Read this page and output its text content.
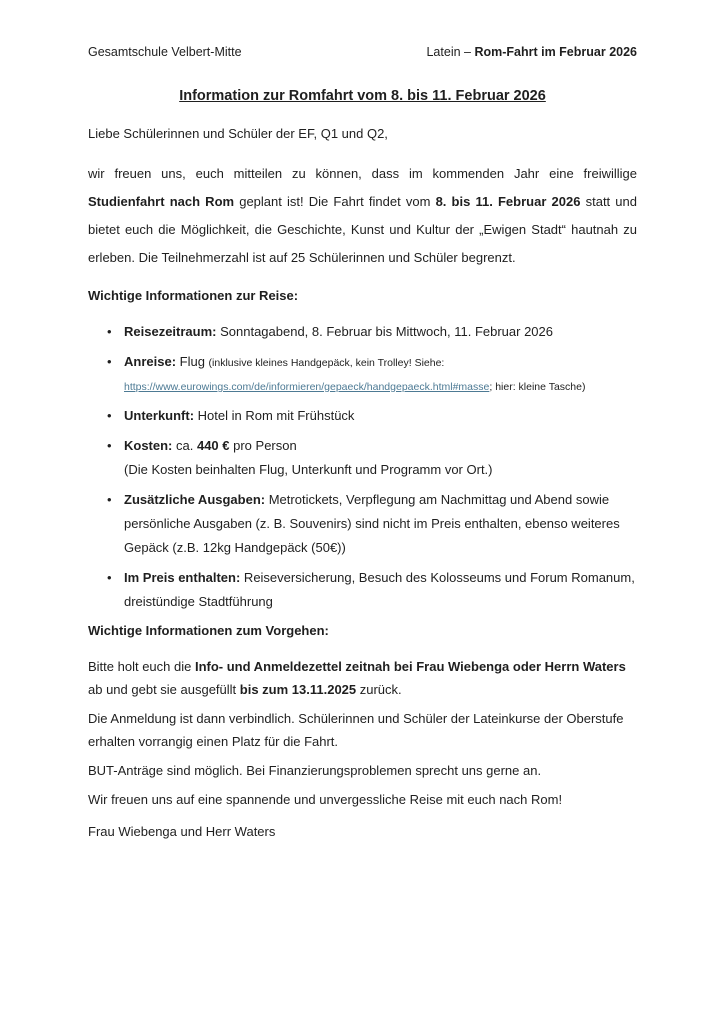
Gesamtschule Velbert-Mitte	Latein – Rom-Fahrt im Februar 2026
Information zur Romfahrt vom 8. bis 11. Februar 2026

Liebe Schülerinnen und Schüler der EF, Q1 und Q2,

wir freuen uns, euch mitteilen zu können, dass im kommenden Jahr eine freiwillige Studienfahrt nach Rom geplant ist! Die Fahrt findet vom 8. bis 11. Februar 2026 statt und bietet euch die Möglichkeit, die Geschichte, Kunst und Kultur der „Ewigen Stadt“ hautnah zu erleben. Die Teilnehmerzahl ist auf 25 Schülerinnen und Schüler begrenzt.

Wichtige Informationen zur Reise:

• Reisezeitraum: Sonntagabend, 8. Februar bis Mittwoch, 11. Februar 2026
• Anreise: Flug (inklusive kleines Handgepäck, kein Trolley! Siehe:
https://www.eurowings.com/de/informieren/gepaeck/handgepaeck.html#masse; hier: kleine Tasche)
• Unterkunft: Hotel in Rom mit Frühstück
• Kosten: ca. 440 € pro Person
(Die Kosten beinhalten Flug, Unterkunft und Programm vor Ort.)
• Zusätzliche Ausgaben: Metrotickets, Verpflegung am Nachmittag und Abend sowie persönliche Ausgaben (z. B. Souvenirs) sind nicht im Preis enthalten, ebenso weiteres Gepäck (z.B. 12kg Handgepäck (50€))
• Im Preis enthalten: Reiseversicherung, Besuch des Kolosseums und Forum Romanum, dreistündige Stadtführung

Wichtige Informationen zum Vorgehen:

Bitte holt euch die Info- und Anmeldezettel zeitnah bei Frau Wiebenga oder Herrn Waters ab und gebt sie ausgefüllt bis zum 13.11.2025 zurück.

Die Anmeldung ist dann verbindlich. Schülerinnen und Schüler der Lateinkurse der Oberstufe erhalten vorrangig einen Platz für die Fahrt.

BUT-Anträge sind möglich. Bei Finanzierungsproblemen sprecht uns gerne an.

Wir freuen uns auf eine spannende und unvergessliche Reise mit euch nach Rom!

Frau Wiebenga und Herr Waters
